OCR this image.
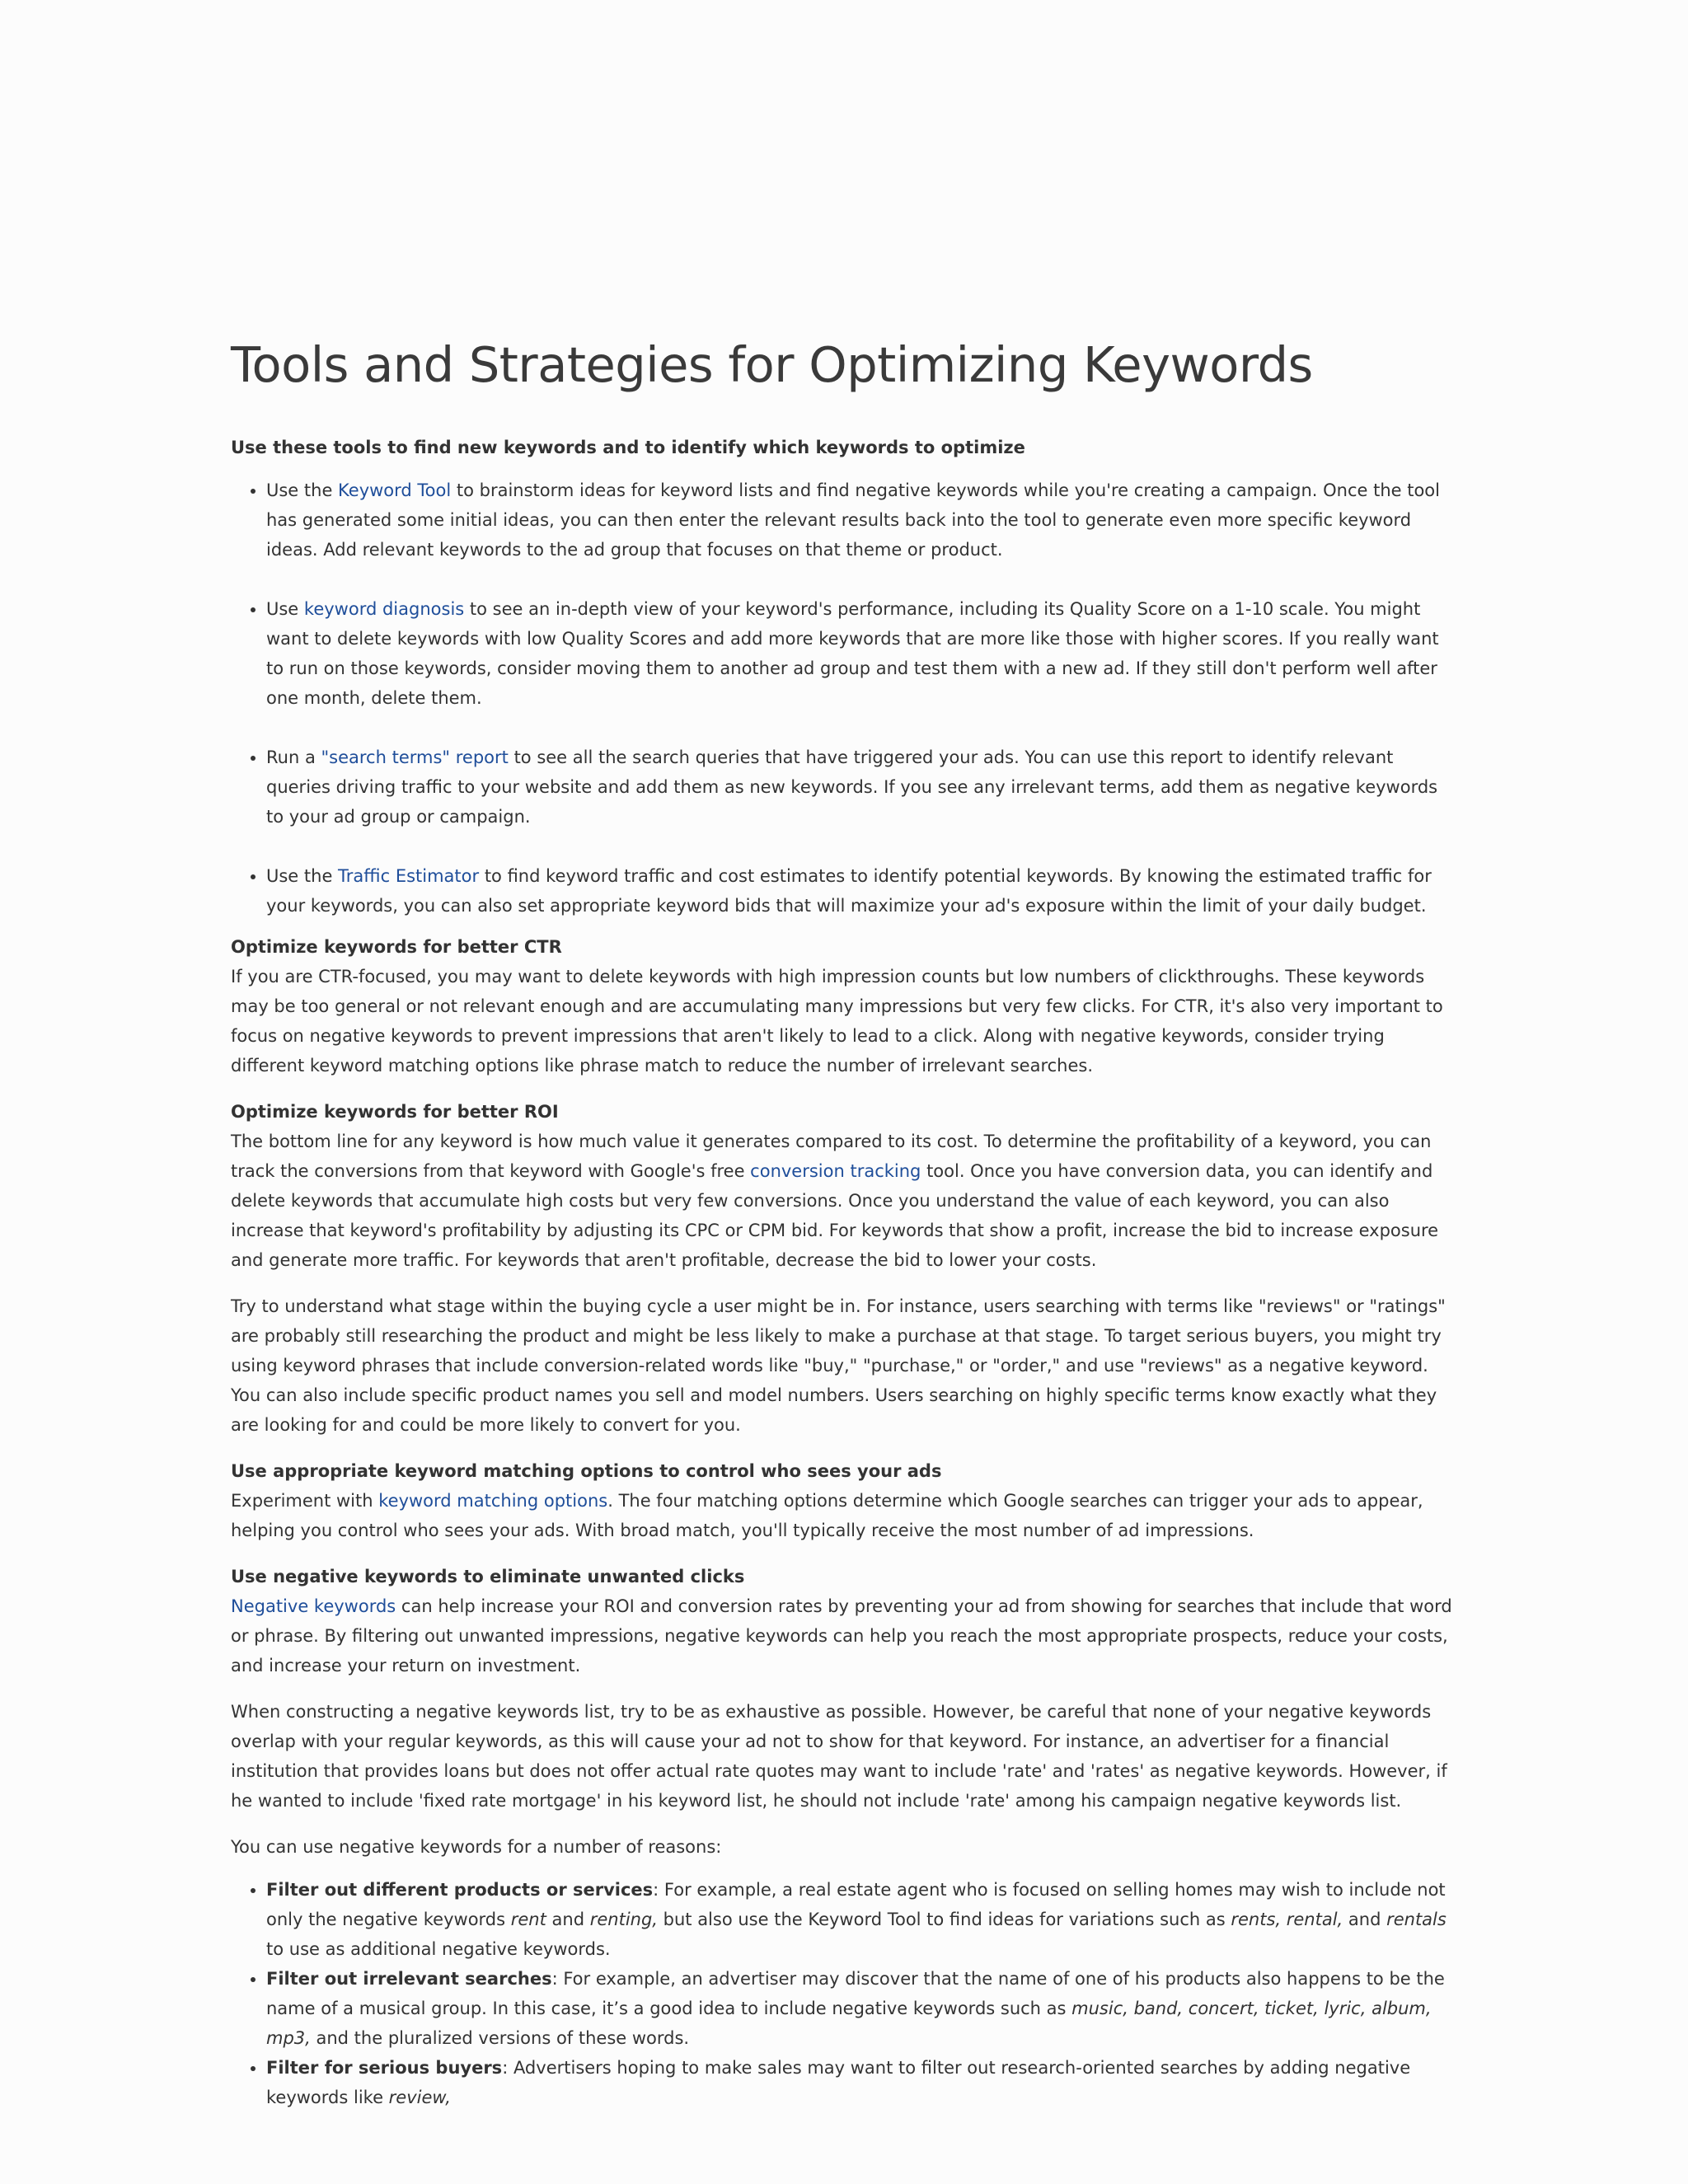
Tools and Strategies for Optimizing Keywords

Use these tools to find new keywords and to identify which keywords to optimize

• Use the Keyword Tool to brainstorm ideas for keyword lists and find negative keywords while you're creating a campaign. Once the tool has generated some initial ideas, you can then enter the relevant results back into the tool to generate even more specific keyword ideas. Add relevant keywords to the ad group that focuses on that theme or product.
• Use keyword diagnosis to see an in-depth view of your keyword's performance, including its Quality Score on a 1-10 scale. You might want to delete keywords with low Quality Scores and add more keywords that are more like those with higher scores. If you really want to run on those keywords, consider moving them to another ad group and test them with a new ad. If they still don't perform well after one month, delete them.
• Run a "search terms" report to see all the search queries that have triggered your ads. You can use this report to identify relevant queries driving traffic to your website and add them as new keywords. If you see any irrelevant terms, add them as negative keywords to your ad group or campaign.
• Use the Traffic Estimator to find keyword traffic and cost estimates to identify potential keywords. By knowing the estimated traffic for your keywords, you can also set appropriate keyword bids that will maximize your ad's exposure within the limit of your daily budget.

Optimize keywords for better CTR

If you are CTR-focused, you may want to delete keywords with high impression counts but low numbers of clickthroughs. These keywords may be too general or not relevant enough and are accumulating many impressions but very few clicks. For CTR, it's also very important to focus on negative keywords to prevent impressions that aren't likely to lead to a click. Along with negative keywords, consider trying different keyword matching options like phrase match to reduce the number of irrelevant searches.

Optimize keywords for better ROI

The bottom line for any keyword is how much value it generates compared to its cost. To determine the profitability of a keyword, you can track the conversions from that keyword with Google's free conversion tracking tool. Once you have conversion data, you can identify and delete keywords that accumulate high costs but very few conversions. Once you understand the value of each keyword, you can also increase that keyword's profitability by adjusting its CPC or CPM bid. For keywords that show a profit, increase the bid to increase exposure and generate more traffic. For keywords that aren't profitable, decrease the bid to lower your costs.

Try to understand what stage within the buying cycle a user might be in. For instance, users searching with terms like "reviews" or "ratings" are probably still researching the product and might be less likely to make a purchase at that stage. To target serious buyers, you might try using keyword phrases that include conversion-related words like "buy," "purchase," or "order," and use "reviews" as a negative keyword. You can also include specific product names you sell and model numbers. Users searching on highly specific terms know exactly what they are looking for and could be more likely to convert for you.

Use appropriate keyword matching options to control who sees your ads

Experiment with keyword matching options. The four matching options determine which Google searches can trigger your ads to appear, helping you control who sees your ads. With broad match, you'll typically receive the most number of ad impressions.

Use negative keywords to eliminate unwanted clicks

Negative keywords can help increase your ROI and conversion rates by preventing your ad from showing for searches that include that word or phrase. By filtering out unwanted impressions, negative keywords can help you reach the most appropriate prospects, reduce your costs, and increase your return on investment.

When constructing a negative keywords list, try to be as exhaustive as possible. However, be careful that none of your negative keywords overlap with your regular keywords, as this will cause your ad not to show for that keyword. For instance, an advertiser for a financial institution that provides loans but does not offer actual rate quotes may want to include 'rate' and 'rates' as negative keywords. However, if he wanted to include 'fixed rate mortgage' in his keyword list, he should not include 'rate' among his campaign negative keywords list.

You can use negative keywords for a number of reasons:

• Filter out different products or services: For example, a real estate agent who is focused on selling homes may wish to include not only the negative keywords rent and renting, but also use the Keyword Tool to find ideas for variations such as rents, rental, and rentals to use as additional negative keywords.
• Filter out irrelevant searches: For example, an advertiser may discover that the name of one of his products also happens to be the name of a musical group. In this case, it’s a good idea to include negative keywords such as music, band, concert, ticket, lyric, album, mp3, and the pluralized versions of these words.
• Filter for serious buyers: Advertisers hoping to make sales may want to filter out research-oriented searches by adding negative keywords like review,
